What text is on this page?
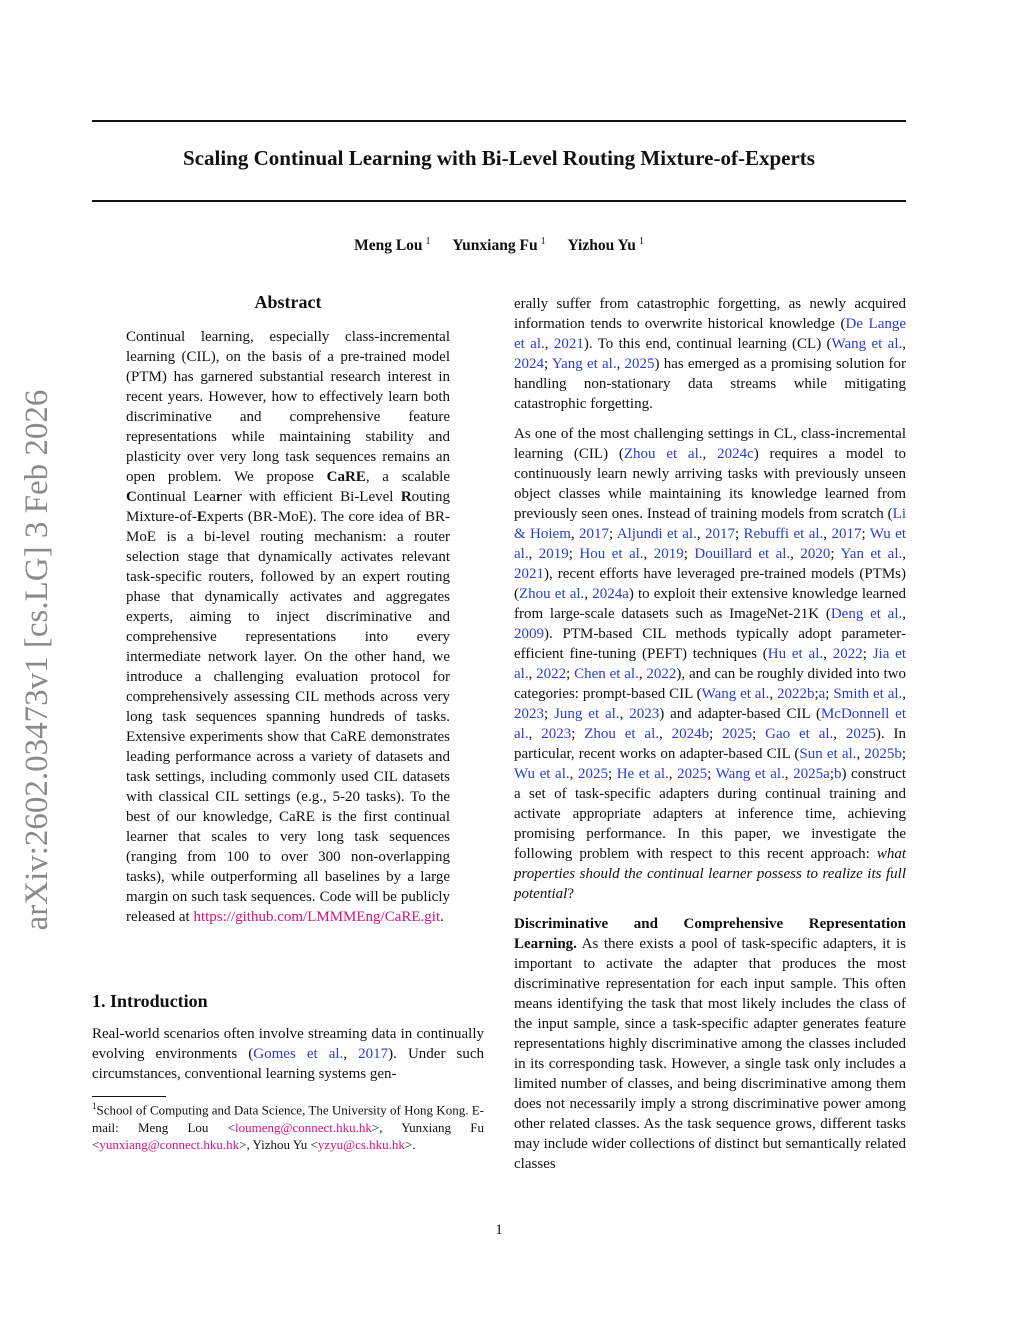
Scaling Continual Learning with Bi-Level Routing Mixture-of-Experts
Meng Lou $^1$ Yunxiang Fu $^1$ Yizhou Yu $^1$
arXiv:2602.03473v1 [cs.LG] 3 Feb 2026
Abstract

Continual learning, especially class-incremental learning (CIL), on the basis of a pre-trained model (PTM) has garnered substantial research interest in recent years. However, how to effectively learn both discriminative and comprehensive feature representations while maintaining stability and plasticity over very long task sequences remains an open problem. We propose CaRE, a scalable Continual Learner with efficient Bi-Level Routing Mixture-of-Experts (BR-MoE). The core idea of BR-MoE is a bi-level routing mechanism: a router selection stage that dynamically activates relevant task-specific routers, followed by an expert routing phase that dynamically activates and aggregates experts, aiming to inject discriminative and comprehensive representations into every intermediate network layer. On the other hand, we introduce a challenging evaluation protocol for comprehensively assessing CIL methods across very long task sequences spanning hundreds of tasks. Extensive experiments show that CaRE demonstrates leading performance across a variety of datasets and task settings, including commonly used CIL datasets with classical CIL settings (e.g., 5-20 tasks). To the best of our knowledge, CaRE is the first continual learner that scales to very long task sequences (ranging from 100 to over 300 non-overlapping tasks), while outperforming all baselines by a large margin on such task sequences. Code will be publicly released at https://github.com/LMMMEng/CaRE.git.

1. Introduction

Real-world scenarios often involve streaming data in continually evolving environments (Gomes et al., 2017). Under such circumstances, conventional learning systems gen-

$^1$School of Computing and Data Science, The University of Hong Kong. E-mail: Meng Lou <loumeng@connect.hku.hk>, Yunxiang Fu <yunxiang@connect.hku.hk>, Yizhou Yu <yzyu@cs.hku.hk>.

erally suffer from catastrophic forgetting, as newly acquired information tends to overwrite historical knowledge (De Lange et al., 2021). To this end, continual learning (CL) (Wang et al., 2024; Yang et al., 2025) has emerged as a promising solution for handling non-stationary data streams while mitigating catastrophic forgetting.

As one of the most challenging settings in CL, class-incremental learning (CIL) (Zhou et al., 2024c) requires a model to continuously learn newly arriving tasks with previously unseen object classes while maintaining its knowledge learned from previously seen ones. Instead of training models from scratch (Li & Hoiem, 2017; Aljundi et al., 2017; Rebuffi et al., 2017; Wu et al., 2019; Hou et al., 2019; Douillard et al., 2020; Yan et al., 2021), recent efforts have leveraged pre-trained models (PTMs) (Zhou et al., 2024a) to exploit their extensive knowledge learned from large-scale datasets such as ImageNet-21K (Deng et al., 2009). PTM-based CIL methods typically adopt parameter-efficient fine-tuning (PEFT) techniques (Hu et al., 2022; Jia et al., 2022; Chen et al., 2022), and can be roughly divided into two categories: prompt-based CIL (Wang et al., 2022b;a; Smith et al., 2023; Jung et al., 2023) and adapter-based CIL (McDonnell et al., 2023; Zhou et al., 2024b; 2025; Gao et al., 2025). In particular, recent works on adapter-based CIL (Sun et al., 2025b; Wu et al., 2025; He et al., 2025; Wang et al., 2025a;b) construct a set of task-specific adapters during continual training and activate appropriate adapters at inference time, achieving promising performance. In this paper, we investigate the following problem with respect to this recent approach: what properties should the continual learner possess to realize its full potential?

Discriminative and Comprehensive Representation Learning. As there exists a pool of task-specific adapters, it is important to activate the adapter that produces the most discriminative representation for each input sample. This often means identifying the task that most likely includes the class of the input sample, since a task-specific adapter generates feature representations highly discriminative among the classes included in its corresponding task. However, a single task only includes a limited number of classes, and being discriminative among them does not necessarily imply a strong discriminative power among other related classes. As the task sequence grows, different tasks may include wider collections of distinct but semantically related classes

1
